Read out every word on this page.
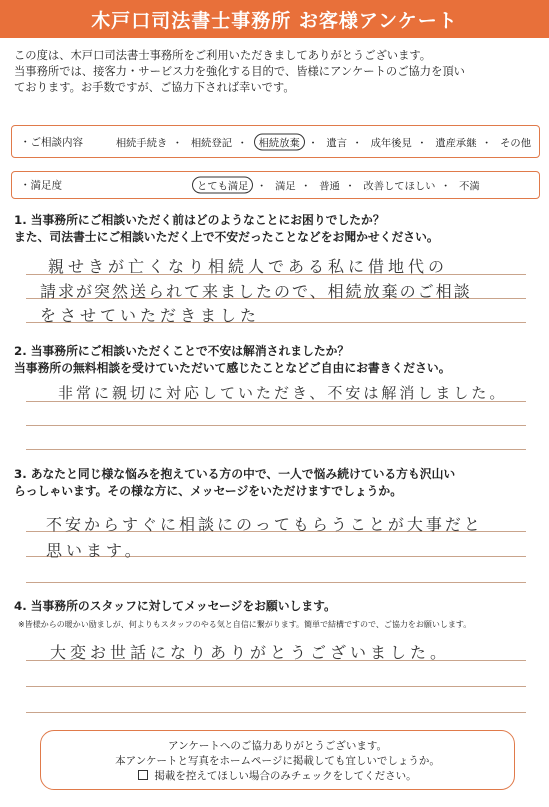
木戸口司法書士事務所 お客様アンケート
この度は、木戸口司法書士事務所をご利用いただきましてありがとうございます。
当事務所では、接客力・サービス力を強化する目的で、皆様にアンケートのご協力を頂い
ております。お手数ですが、ご協力下されば幸いです。
・ご相談内容	相続手続き ・ 相続登記 ・ 相続放棄 ・ 遺言 ・ 成年後見 ・ 遺産承継 ・ その他
・満足度	とても満足 ・ 満足 ・ 普通 ・ 改善してほしい ・ 不満
1. 当事務所にご相談いただく前はどのようなことにお困りでしたか？
また、司法書士にご相談いただく上で不安だったことなどをお聞かせください。
親せきが亡くなり相続人である私に借地代の
請求が突然送られて来ましたので、相続放棄のご相談
をさせていただきました
2. 当事務所にご相談いただくことで不安は解消されましたか？
当事務所の無料相談を受けていただいて感じたことなどご自由にお書きください。
非常に親切に対応していただき、不安は解消しました。
3. あなたと同じ様な悩みを抱えている方の中で、一人で悩み続けている方も沢山い
らっしゃいます。その様な方に、メッセージをいただけますでしょうか。
不安からすぐに相談にのってもらうことが大事だと
思います。
4. 当事務所のスタッフに対してメッセージをお願いします。
※皆様からの暖かい励ましが、何よりもスタッフのやる気と自信に繋がります。簡単で結構ですので、ご協力をお願いします。
大変お世話になりありがとうございました。
アンケートへのご協力ありがとうございます。
本アンケートと写真をホームページに掲載しても宜しいでしょうか。
掲載を控えてほしい場合のみチェックをしてください。
